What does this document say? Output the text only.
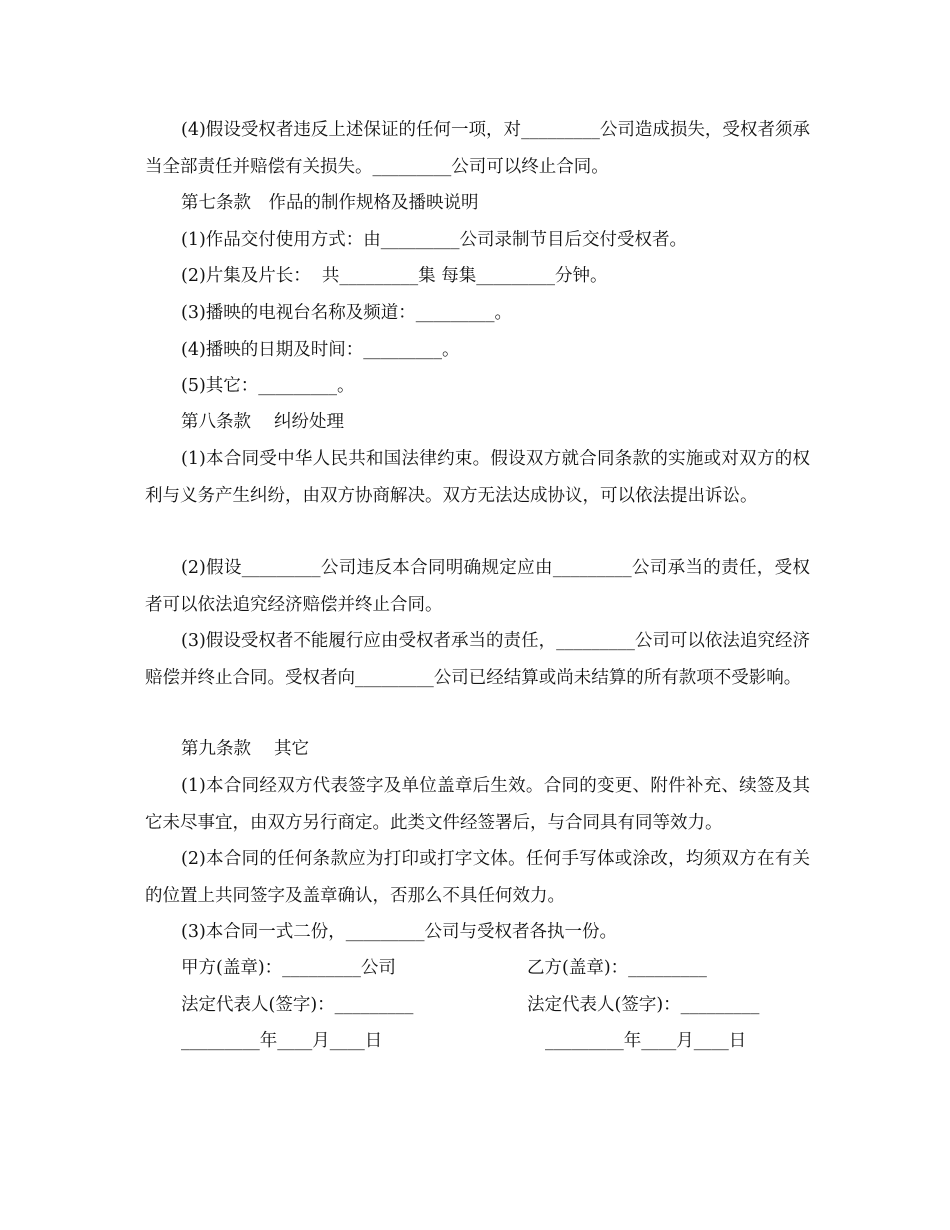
(4)假设受权者违反上述保证的任何一项，对_________公司造成损失，受权者须承当全部责任并赔偿有关损失。_________公司可以终止合同。

第七条款　作品的制作规格及播映说明

(1)作品交付使用方式：由_________公司录制节目后交付受权者。

(2)片集及片长：  共_________集 每集_________分钟。

(3)播映的电视台名称及频道：_________。

(4)播映的日期及时间：_________。

(5)其它：_________。

第八条款　 纠纷处理

(1)本合同受中华人民共和国法律约束。假设双方就合同条款的实施或对双方的权利与义务产生纠纷，由双方协商解决。双方无法达成协议，可以依法提出诉讼。

(2)假设_________公司违反本合同明确规定应由_________公司承当的责任，受权者可以依法追究经济赔偿并终止合同。

(3)假设受权者不能履行应由受权者承当的责任，_________公司可以依法追究经济赔偿并终止合同。受权者向_________公司已经结算或尚未结算的所有款项不受影响。

第九条款　 其它

(1)本合同经双方代表签字及单位盖章后生效。合同的变更、附件补充、续签及其它未尽事宜，由双方另行商定。此类文件经签署后，与合同具有同等效力。

(2)本合同的任何条款应为打印或打字文体。任何手写体或涂改，均须双方在有关的位置上共同签字及盖章确认，否那么不具任何效力。

(3)本合同一式二份，_________公司与受权者各执一份。

甲方(盖章)：_________公司	乙方(盖章)：_________

法定代表人(签字)：_________	法定代表人(签字)：_________

_________年____月____日	_________年____月____日
